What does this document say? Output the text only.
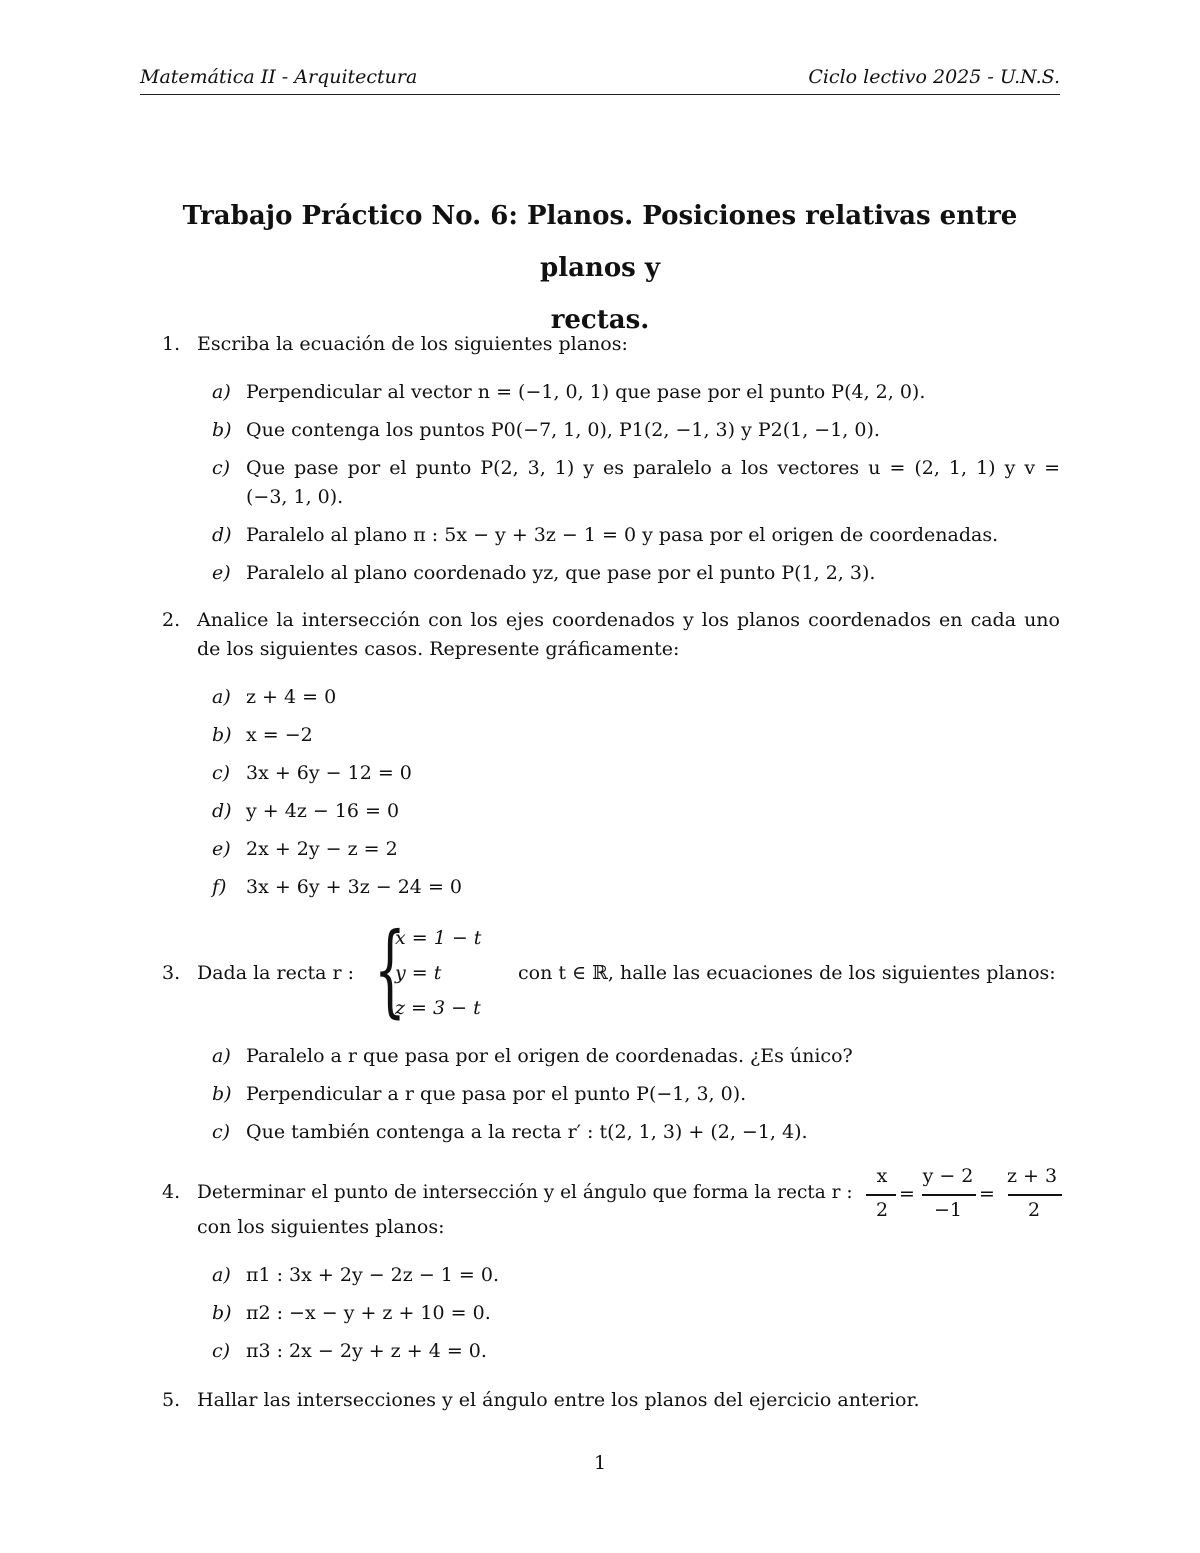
Matemática II - Arquitectura	Ciclo lectivo 2025 - U.N.S.
Trabajo Práctico No. 6: Planos. Posiciones relativas entre planos y
rectas.
1. Escriba la ecuación de los siguientes planos:
a) Perpendicular al vector n = (−1, 0, 1) que pase por el punto P(4, 2, 0).
b) Que contenga los puntos P0(−7, 1, 0), P1(2, −1, 3) y P2(1, −1, 0).
c) Que pase por el punto P(2, 3, 1) y es paralelo a los vectores u = (2, 1, 1) y v =
(−3, 1, 0).
d) Paralelo al plano π : 5x − y + 3z − 1 = 0 y pasa por el origen de coordenadas.
e) Paralelo al plano coordenado yz, que pase por el punto P(1, 2, 3).
2. Analice la intersección con los ejes coordenados y los planos coordenados en cada uno
de los siguientes casos. Represente gráficamente:
a) z + 4 = 0
b) x = −2
c) 3x + 6y − 12 = 0
d) y + 4z − 16 = 0
e) 2x + 2y − z = 2
f) 3x + 6y + 3z − 24 = 0
3. Dada la recta r : {
x = 1 − t
y = t
z = 3 − t
con t ∈ ℝ, halle las ecuaciones de los siguientes planos:
a) Paralelo a r que pasa por el origen de coordenadas. ¿Es único?
b) Perpendicular a r que pasa por el punto P(−1, 3, 0).
c) Que también contenga a la recta r′ : t(2, 1, 3) + (2, −1, 4).
4. Determinar el punto de intersección y el ángulo que forma la recta r :
x
2
=
y − 2
−1
=
z + 3
2
con los siguientes planos:
a) π1 : 3x + 2y − 2z − 1 = 0.
b) π2 : −x − y + z + 10 = 0.
c) π3 : 2x − 2y + z + 4 = 0.
5. Hallar las intersecciones y el ángulo entre los planos del ejercicio anterior.
1
